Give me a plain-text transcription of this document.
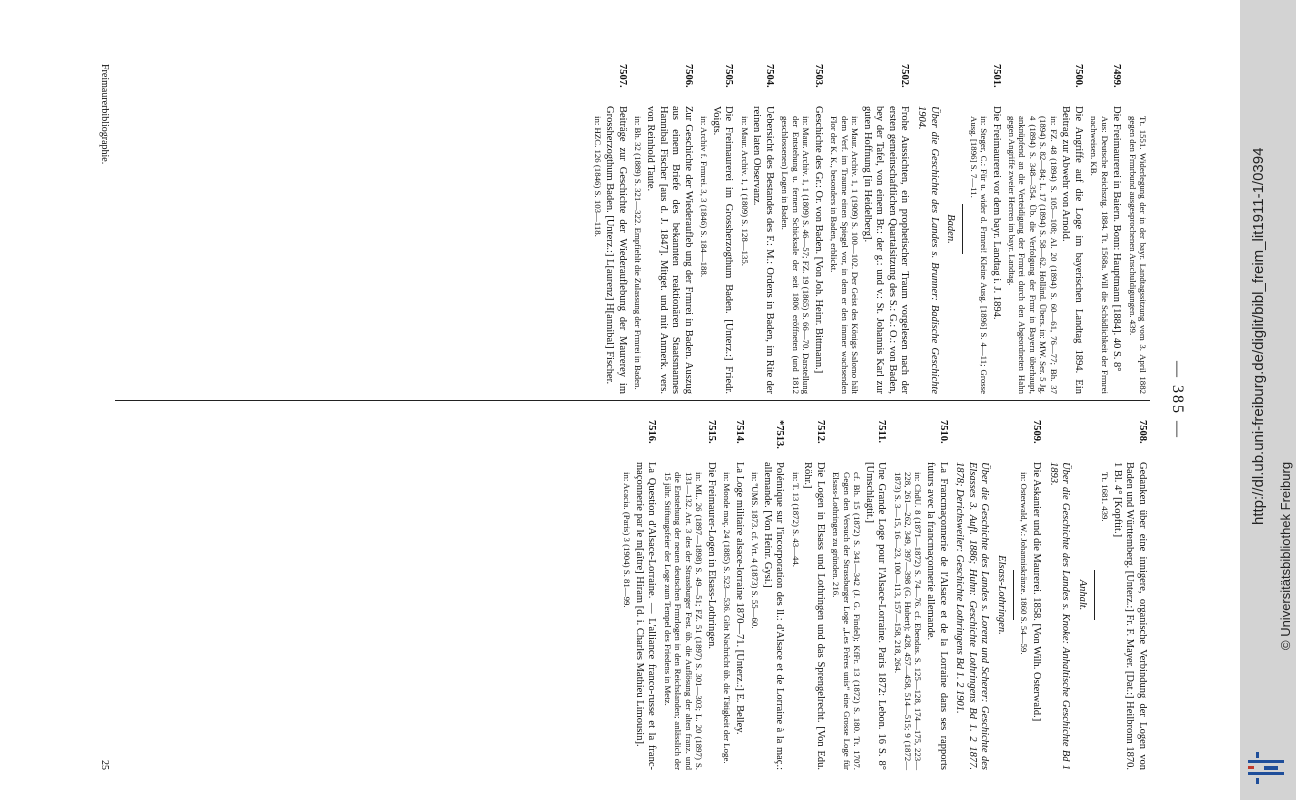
— 385 —
Tt. 1551. Widerlegung der in der bayr. Landtagssitzung vom 3. April 1882 gegen den Frmrbund ausgesprochenen Anschuldigungen. 439.
7499.
Die Freimaurerei in Baiern. Bonn: Hauptmann [1884]. 40 S. 8°
Aus: Deutsche Reichsztg. 1884. Tt. 1568a. Will die Schädlichkeit der Frmrei nachweisen. KB.
7500.
Die Angriffe auf die Loge im bayerischen Landtag 1894. Ein Beitrag zur Abwehr von Arnold.
in: FZ. 48 (1894) S. 105—108; Al. 20 (1894) S. 60—61, 76—77; Bh. 37 (1894) S. 82—84; L. 17 (1894) S. 58—62. Holländ. Übers. in: MW. Ser. 5 Jg. 4 (1894) S. 348—354. Üb. die Verfolgung der Frmr in Bayern überhaupt, anknüpfend an die Verteidigung der Frmrei durch den Abgeordneten Hahn gegen Angriffe zweier Herren im bayr. Landtag.
7501.
Die Freimaurerei vor dem bayr. Landtag i. J. 1894.
in: Steger, C.: Für u. wider d. Frmrei! Kleine Ausg. [1896] S. 4—11; Grosse Ausg. [1896] S. 7—11.
Baden.
Über die Geschichte des Landes s. Brunner: Badische Geschichte 1904.
7502.
Frohe Aussichten, ein prophetischer Traum vorgelesen nach der ersten gemeinschaftlichen Quartalsitzung des S.: G.: O.: von Baden, bey der Tafel, von einem Br.: der g.: und v.: St. Johannis Karl zur guten Hoffnung [in Heidelberg].
in: Maur. Archiv. 1, 1 (1909) S. 100—102. Der Geist des Königs Salomo hält dem Verf. im Traume einen Spiegel vor, in dem er den immer wachsenden Flor der K. K., besonders in Baden, erblickt.
7503.
Geschichte des Gr.: Or. von Baden. [Von Joh. Heinr. Bittmann.]
in: Maur. Archiv. 1, 1 (1809) S. 46—57; FZ. 19 (1865) S. 66—70. Darstellung der Entstehung u. fernern Schicksale der seit 1806 eröffneten (und 1812 geschlossenen) Logen in Baden.
7504.
Uebersicht des Bestandes des F.: M.: Ordens in Baden, im Rite der reinen laten Observanz.
in: Maur. Archiv. 1, 1 (1809) S. 128—135.
7505.
Die Freimaurerei im Grossherzogthum Baden. [Unterz.:] Friedr. Voigts.
in: Archiv f. Frmrei. 3, 3 (1846) S. 184—188.
7506.
Zur Geschichte der Wiederaufleb ung der Frmrei in Baden. Auszug aus einem Briefe des bekannten reaktionären Staatsmannes Hannibal Fischer [aus d. J. 1847]. Mitget. und mit Anmerk. vers. von Reinhold Taute.
in: Bh. 32 (1889) S. 321—322. Empfiehlt die Zulassung der Frmrei in Baden.
7507.
Beiträge zur Geschichte der Wiederauflebung der Maurerey im Grossherzogthum Baden. [Unterz.:] L[aurenz] H[annibal] Fischer.
in: HZC. 126 (1846) S. 103—118.
7508.
Gedanken über eine innigere, organische Verbindung der Logen von Baden und Württemberg. [Unterz.:] Fr. F. Mayer. [Dat.:] Heilbronn 1870. 1 Bl. 4° [Kopftit.]
Tt. 1681. 439.
Anhalt.
Über die Geschichte des Landes s. Knoke: Anhaltische Geschichte Bd 1 1893.
7509.
Die Askanier und die Maurerei. 1858. [Von Wilh. Osterwald.]
in: Osterwald, W.: Johanniskränze. 1860 S. 54—59.
Elsass-Lothringen.
Über die Geschichte des Landes s. Lorenz und Scherer: Geschichte des Elsasses 3. Aufl. 1886; Huhn: Geschichte Lothringens Bd 1. 2 1877. 1878; Derichsweiler: Geschichte Lothringens Bd 1. 2 1901.
7510.
La Francmaçonnerie de l'Alsace et de la Lorraine dans ses rapports futurs avec la francmaçonnerie allemande.
in: ChdU. 8 (1871—1872) S. 74—76. cf. Ebendas. S. 125—128, 174—175, 223—228, 261—262, 349, 397—398 (G. Hubert); 428, 457—458, 514—515; 9 (1872—1873) S. 3—15, 16—23, 100—113, 157—158, 218, 264.
7511.
Une Grande Loge pour l'Alsace-Lorraine. Paris 1872: Lebon. 16 S. 8° [Umschlagtit.]
cf. Bh. 15 (1872) S. 341—342 (J. G. Findel); KfFr. 13 (1872) S. 180. Tt. 1707. Gegen den Versuch der Strassburger Loge „Les Frères unis“ eine Grosse Loge für Elsass-Lothringen zu gründen. 216.
7512.
Die Logen in Elsass und Lothringen und das Sprengelrecht. [Von Edu. Röhr.]
in: T. 13 (1872) S. 43—44.
*7513.
Polémique sur l'incorporation des ll.: d'Alsace et de Lorraine à la maç.: allemande. [Von Heinr. Gysi.]
in: ºUMS. 1873. cf. Vrt. 4 (1873) S. 55—60.
7514.
La Loge militaire alsace-lorraine 1870—71. [Unterz.:] E. Belley.
in: Monde maç. 24 (1885) S. 523—536. Gibt Nachricht üb. die Tätigkeit der Loge.
7515.
Die Freimaurer-Logen in Elsass-Lothringen.
in: ML. 26 (1897—1898) S. 49—51; FZ. 51 (1897) S. 301—303; L. 20 (1897) S. 131—132. Art. 3 des der Strassburger Fest. üb. die Auflösung der alten franz. und die Entstehung der neuen deutschen Frmrlogen in den Reichslanden; anlässlich der 15 jähr. Stiftungsfeier der Loge zum Tempel des Friedens in Metz.
7516.
La Question d'Alsace-Lorraine. — L'alliance franco-russe et la franc-maçonnerie par le m[aître] Hiram [d. i. Charles Mathieu Limousin].
in: Acacia. (Paris) 3 (1904) S. 81—99.
Freimaurerbibliographie.
25
http://dl.ub.uni-freiburg.de/diglit/bibl_freim_lit1911-1/0394
© Universitätsbibliothek Freiburg
